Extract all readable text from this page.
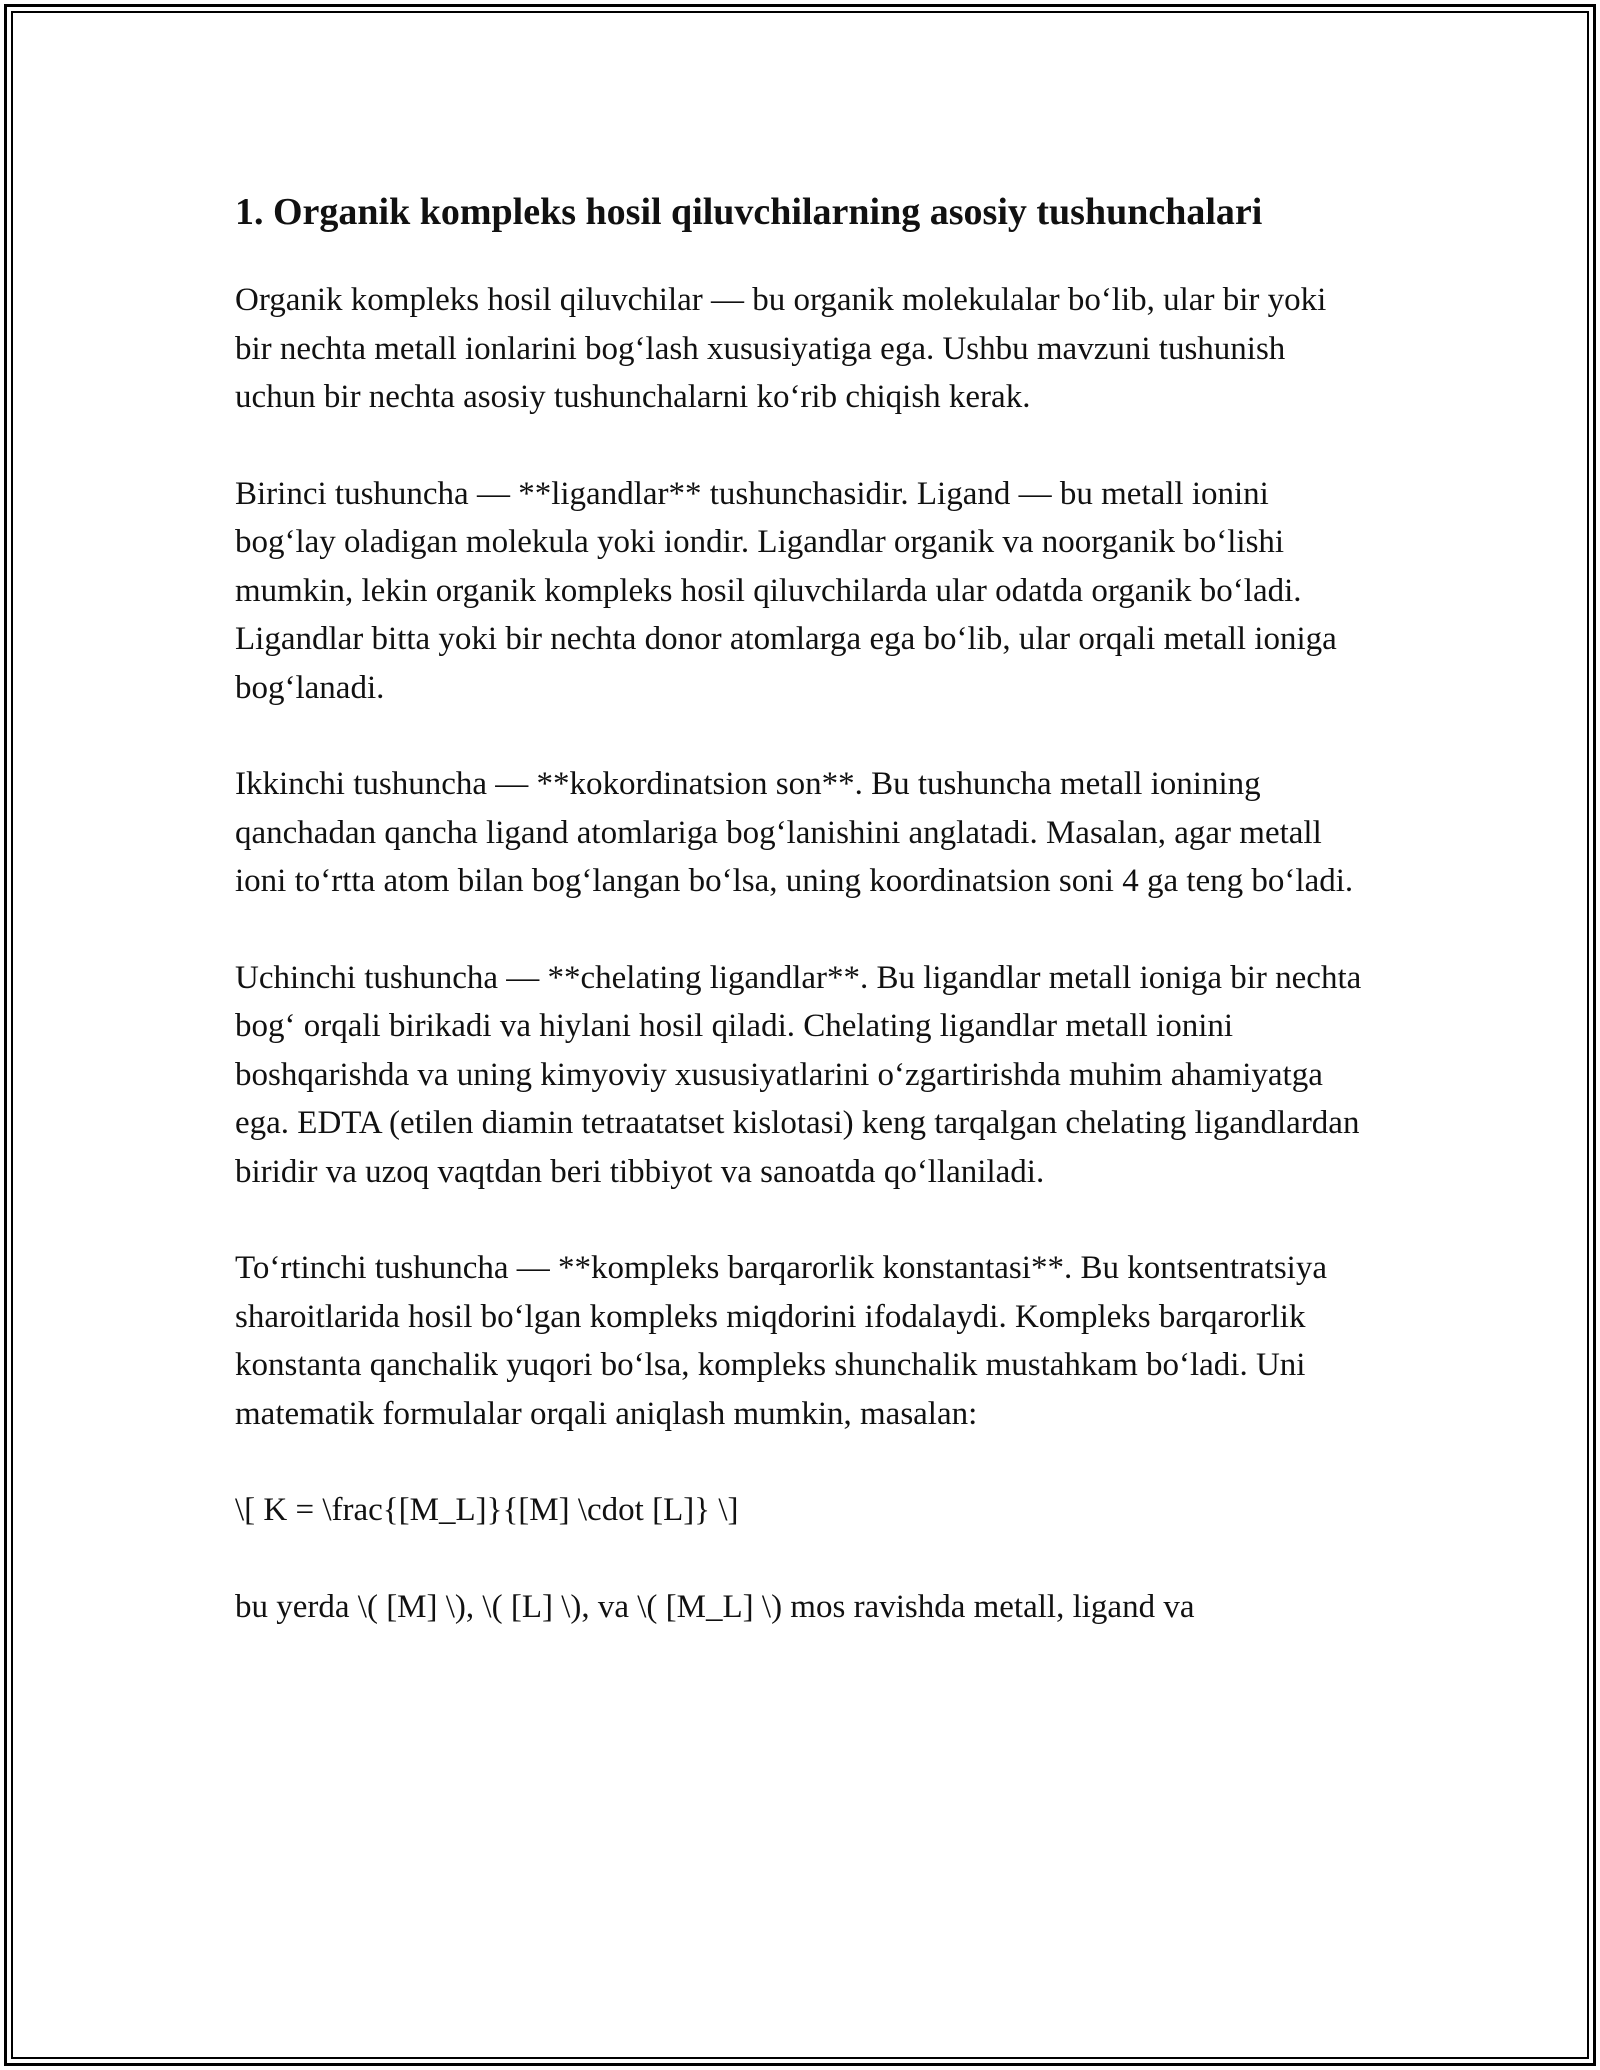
1. Organik kompleks hosil qiluvchilarning asosiy tushunchalari

Organik kompleks hosil qiluvchilar — bu organik molekulalar bo‘lib, ular bir yoki bir nechta metall ionlarini bog‘lash xususiyatiga ega. Ushbu mavzuni tushunish uchun bir nechta asosiy tushunchalarni ko‘rib chiqish kerak.

Birinci tushuncha — **ligandlar** tushunchasidir. Ligand — bu metall ionini bog‘lay oladigan molekula yoki iondir. Ligandlar organik va noorganik bo‘lishi mumkin, lekin organik kompleks hosil qiluvchilarda ular odatda organik bo‘ladi. Ligandlar bitta yoki bir nechta donor atomlarga ega bo‘lib, ular orqali metall ioniga bog‘lanadi.

Ikkinchi tushuncha — **kokordinatsion son**. Bu tushuncha metall ionining qanchadan qancha ligand atomlariga bog‘lanishini anglatadi. Masalan, agar metall ioni to‘rtta atom bilan bog‘langan bo‘lsa, uning koordinatsion soni 4 ga teng bo‘ladi.

Uchinchi tushuncha — **chelating ligandlar**. Bu ligandlar metall ioniga bir nechta bog‘ orqali birikadi va hiylani hosil qiladi. Chelating ligandlar metall ionini boshqarishda va uning kimyoviy xususiyatlarini o‘zgartirishda muhim ahamiyatga ega. EDTA (etilen diamin tetraatatset kislotasi) keng tarqalgan chelating ligandlardan biridir va uzoq vaqtdan beri tibbiyot va sanoatda qo‘llaniladi.

To‘rtinchi tushuncha — **kompleks barqarorlik konstantasi**. Bu kontsentratsiya sharoitlarida hosil bo‘lgan kompleks miqdorini ifodalaydi. Kompleks barqarorlik konstanta qanchalik yuqori bo‘lsa, kompleks shunchalik mustahkam bo‘ladi. Uni matematik formulalar orqali aniqlash mumkin, masalan:

\[ K = \frac{[M_L]}{[M] \cdot [L]} \]

bu yerda \( [M] \), \( [L] \), va \( [M_L] \) mos ravishda metall, ligand va
